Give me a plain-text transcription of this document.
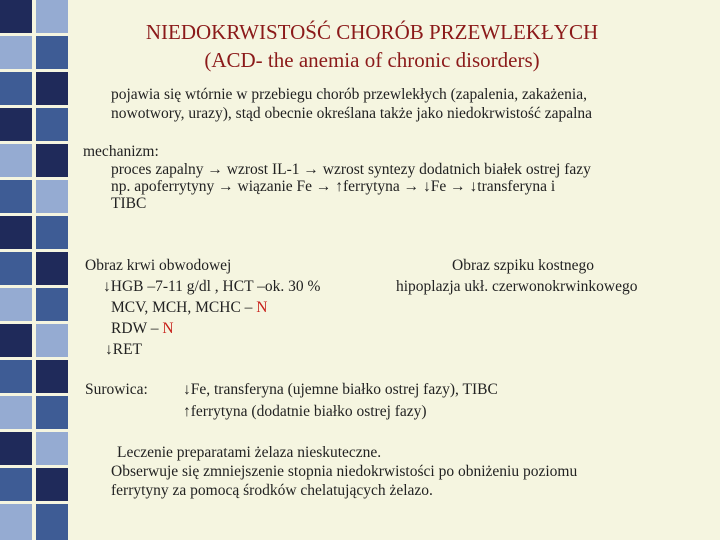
NIEDOKRWISTOŚĆ CHORÓB PRZEWLEKŁYCH
(ACD- the anemia of chronic disorders)
pojawia się wtórnie w przebiegu chorób przewlekłych (zapalenia, zakażenia,
nowotwory, urazy), stąd obecnie określana także jako niedokrwistość zapalna
mechanizm:
proces zapalny → wzrost IL-1 → wzrost syntezy dodatnich białek ostrej fazy
np. apoferrytyny → wiązanie Fe → ↑ferrytyna → ↓Fe → ↓transferyna i
TIBC
Obraz krwi obwodowej
↓HGB –7-11 g/dl , HCT –ok. 30 %
MCV, MCH, MCHC – N
RDW – N
↓RET
Obraz szpiku kostnego
hipoplazja ukł. czerwonokrwinkowego
Surowica: ↓Fe, transferyna (ujemne białko ostrej fazy), TIBC
↑ferrytyna (dodatnie białko ostrej fazy)
Leczenie preparatami żelaza nieskuteczne.
Obserwuje się zmniejszenie stopnia niedokrwistości po obniżeniu poziomu
ferrytyny za pomocą środków chelatujących żelazo.
